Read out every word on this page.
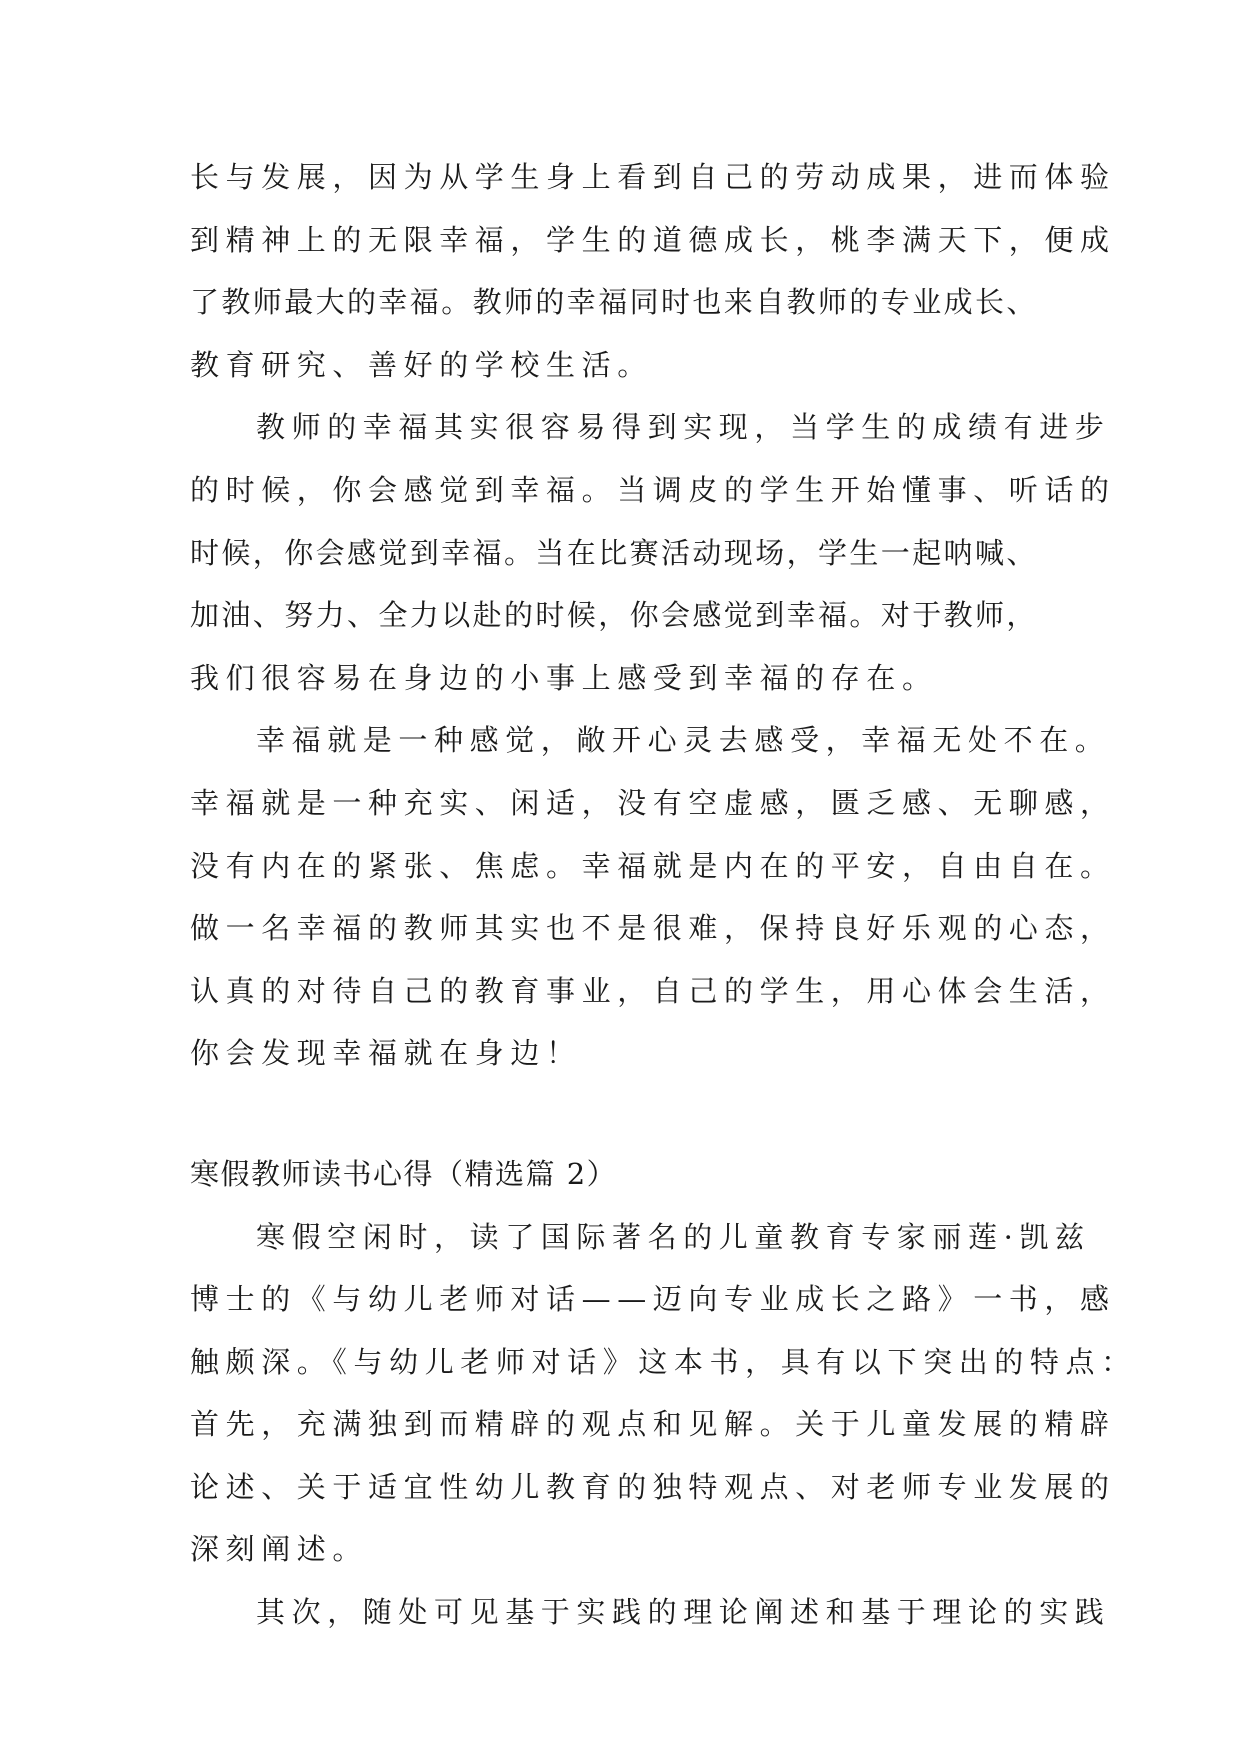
长与发展，因为从学生身上看到自己的劳动成果，进而体验

到精神上的无限幸福，学生的道德成长，桃李满天下，便成

了教师最大的幸福。教师的幸福同时也来自教师的专业成长、

教育研究、善好的学校生活。

教师的幸福其实很容易得到实现，当学生的成绩有进步

的时候，你会感觉到幸福。当调皮的学生开始懂事、听话的

时候，你会感觉到幸福。当在比赛活动现场，学生一起呐喊、

加油、努力、全力以赴的时候，你会感觉到幸福。对于教师，

我们很容易在身边的小事上感受到幸福的存在。

幸福就是一种感觉，敞开心灵去感受，幸福无处不在。

幸福就是一种充实、闲适，没有空虚感，匮乏感、无聊感，

没有内在的紧张、焦虑。幸福就是内在的平安，自由自在。

做一名幸福的教师其实也不是很难，保持良好乐观的心态，

认真的对待自己的教育事业，自己的学生，用心体会生活，

你会发现幸福就在身边！

寒假教师读书心得（精选篇 2）

寒假空闲时，读了国际著名的儿童教育专家丽莲·凯兹

博士的《与幼儿老师对话——迈向专业成长之路》一书，感

触颇深。《与幼儿老师对话》这本书，具有以下突出的特点：

首先，充满独到而精辟的观点和见解。关于儿童发展的精辟

论述、关于适宜性幼儿教育的独特观点、对老师专业发展的

深刻阐述。

其次，随处可见基于实践的理论阐述和基于理论的实践
